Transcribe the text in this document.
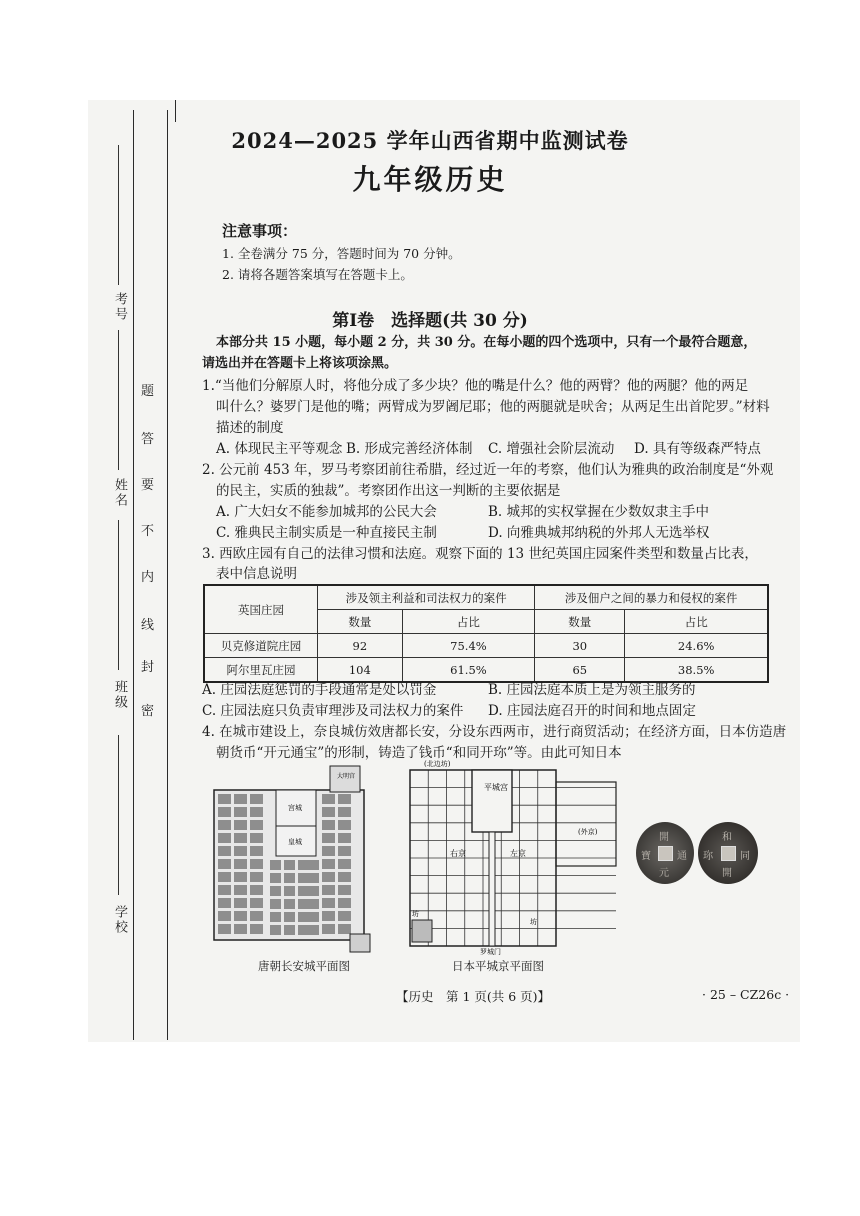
考号
姓名
班级
学校
题
答
要
不
内
线
封
密
2024—2025 学年山西省期中监测试卷
九年级历史
注意事项：
1. 全卷满分 75 分，答题时间为 70 分钟。
2. 请将各题答案填写在答题卡上。
第Ⅰ卷　选择题(共 30 分)
本部分共 15 小题，每小题 2 分，共 30 分。在每小题的四个选项中，只有一个最符合题意，
请选出并在答题卡上将该项涂黑。
1.“当他们分解原人时，将他分成了多少块？他的嘴是什么？他的两臂？他的两腿？他的两足
叫什么？婆罗门是他的嘴；两臂成为罗阇尼耶；他的两腿就是吠舍；从两足生出首陀罗。”材料
描述的制度
A. 体现民主平等观念 B. 形成完善经济体制 C. 增强社会阶层流动 D. 具有等级森严特点
2. 公元前 453 年，罗马考察团前往希腊，经过近一年的考察，他们认为雅典的政治制度是“外观
的民主，实质的独裁”。考察团作出这一判断的主要依据是
A. 广大妇女不能参加城邦的公民大会	B. 城邦的实权掌握在少数奴隶主手中
C. 雅典民主制实质是一种直接民主制	D. 向雅典城邦纳税的外邦人无选举权
3. 西欧庄园有自己的法律习惯和法庭。观察下面的 13 世纪英国庄园案件类型和数量占比表，
表中信息说明
英国庄园	涉及领主利益和司法权力的案件		涉及佃户之间的暴力和侵权的案件	
	数量	占比	数量	占比
贝克修道院庄园	92	75.4%	30	24.6%
阿尔里瓦庄园	104	61.5%	65	38.5%
A. 庄园法庭惩罚的手段通常是处以罚金	B. 庄园法庭本质上是为领主服务的
C. 庄园法庭只负责审理涉及司法权力的案件 D. 庄园法庭召开的时间和地点固定
4. 在城市建设上，奈良城仿效唐都长安，分设东西两市，进行商贸活动；在经济方面，日本仿造唐
朝货币“开元通宝”的形制，铸造了钱币“和同开珎”等。由此可知日本
大明宫
宫城
皇城
唐朝长安城平面图
(北边坊)
平城宫
右京	左京
(外京)
坊
坊
罗城门
日本平城京平面图
開
元
通
寶
和
同
開
珎
【历史　第 1 页(共 6 页)】	· 25 – CZ26c ·
